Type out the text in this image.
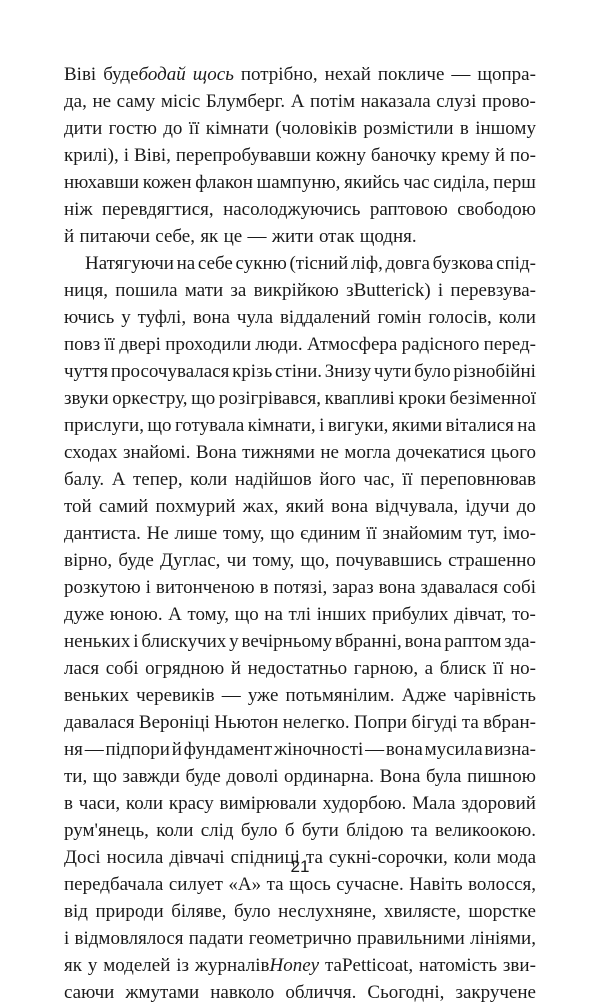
Віві будебодай щось потрібно, нехай покличе — щопра-
да, не саму місіс Блумберг. А потім наказала слузі прово-
дити гостю до її кімнати (чоловіків розмістили в іншому
крилі), і Віві, перепробувавши кожну баночку крему й по-
нюхавши кожен флакон шампуню, якийсь час сиділа, перш
ніж перевдягтися, насолоджуючись раптовою свободою
й питаючи себе, як це — жити отак щодня.
Натягуючи на себе сукню (тісний ліф, довга бузкова спід-
ниця, пошила мати за викрійкою зButterick) і перевзува-
ючись у туфлі, вона чула віддалений гомін голосів, коли
повз її двері проходили люди. Атмосфера радісного перед-
чуття просочувалася крізь стіни. Знизу чути було різнобійні
звуки оркестру, що розігрівався, квапливі кроки безіменної
прислуги, що готувала кімнати, і вигуки, якими віталися на
сходах знайомі. Вона тижнями не могла дочекатися цього
балу. А тепер, коли надійшов його час, її переповнював
той самий похмурий жах, який вона відчувала, ідучи до
дантиста. Не лише тому, що єдиним її знайомим тут, імо-
вірно, буде Дуглас, чи тому, що, почувавшись страшенно
розкутою і витонченою в потязі, зараз вона здавалася собі
дуже юною. А тому, що на тлі інших прибулих дівчат, то-
неньких і блискучих у вечірньому вбранні, вона раптом зда-
лася собі огрядною й недостатньо гарною, а блиск її но-
веньких черевиків — уже потьмянілим. Адже чарівність
давалася Вероніці Ньютон нелегко. Попри бігуді та вбран-
ня — підпори й фундамент жіночності — вона мусила визна-
ти, що завжди буде доволі ординарна. Вона була пишною
в часи, коли красу вимірювали худорбою. Мала здоровий
рум'янець, коли слід було б бути блідою та великоокою.
Досі носила дівчачі спідниці та сукні-сорочки, коли мода
передбачала силует «А» та щось сучасне. Навіть волосся,
від природи біляве, було неслухняне, хвилясте, шорстке
і відмовлялося падати геометрично правильними лініями,
як у моделей із журналівHoney таPetticoat, натомість зви-
саючи жмутами навколо обличчя. Сьогодні, закручене
21
